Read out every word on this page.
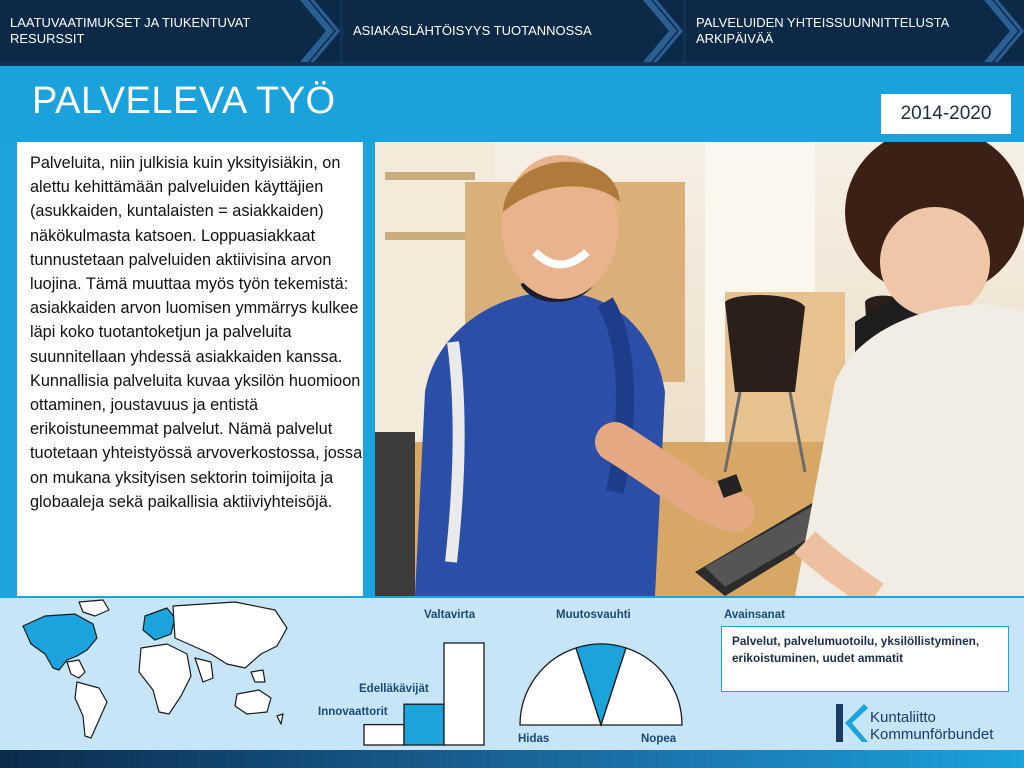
LAATUVAATIMUKSET JA TIUKENTUVAT RESURSSIT
ASIAKASLÄHTÖISYYS TUOTANNOSSA
PALVELUIDEN YHTEISSUUNNITTELUSTA ARKIPÄIVÄÄ
PALVELEVA TYÖ	2014-2020
Palveluita, niin julkisia kuin yksityisiäkin, on alettu kehittämään palveluiden käyttäjien (asukkaiden, kuntalaisten = asiakkaiden) näkökulmasta katsoen. Loppuasiakkaat tunnustetaan palveluiden aktiivisina arvon luojina. Tämä muuttaa myös työn tekemistä: asiakkaiden arvon luomisen ymmärrys kulkee läpi koko tuotantoketjun ja palveluita suunnitellaan yhdessä asiakkaiden kanssa. Kunnallisia palveluita kuvaa yksilön huomioon ottaminen, joustavuus ja entistä erikoistuneemmat palvelut. Nämä palvelut tuotetaan yhteistyössä arvoverkostossa, jossa on mukana yksityisen sektorin toimijoita ja globaaleja sekä paikallisia aktiiviyhteisöjä.
Valtavirta
Edelläkävijät
Innovaattorit
Muutosvauhti
Hidas	Nopea
Avainsanat
Palvelut, palvelumuotoilu, yksilöllistyminen, erikoistuminen, uudet ammatit
Kuntaliitto
Kommunförbundet
